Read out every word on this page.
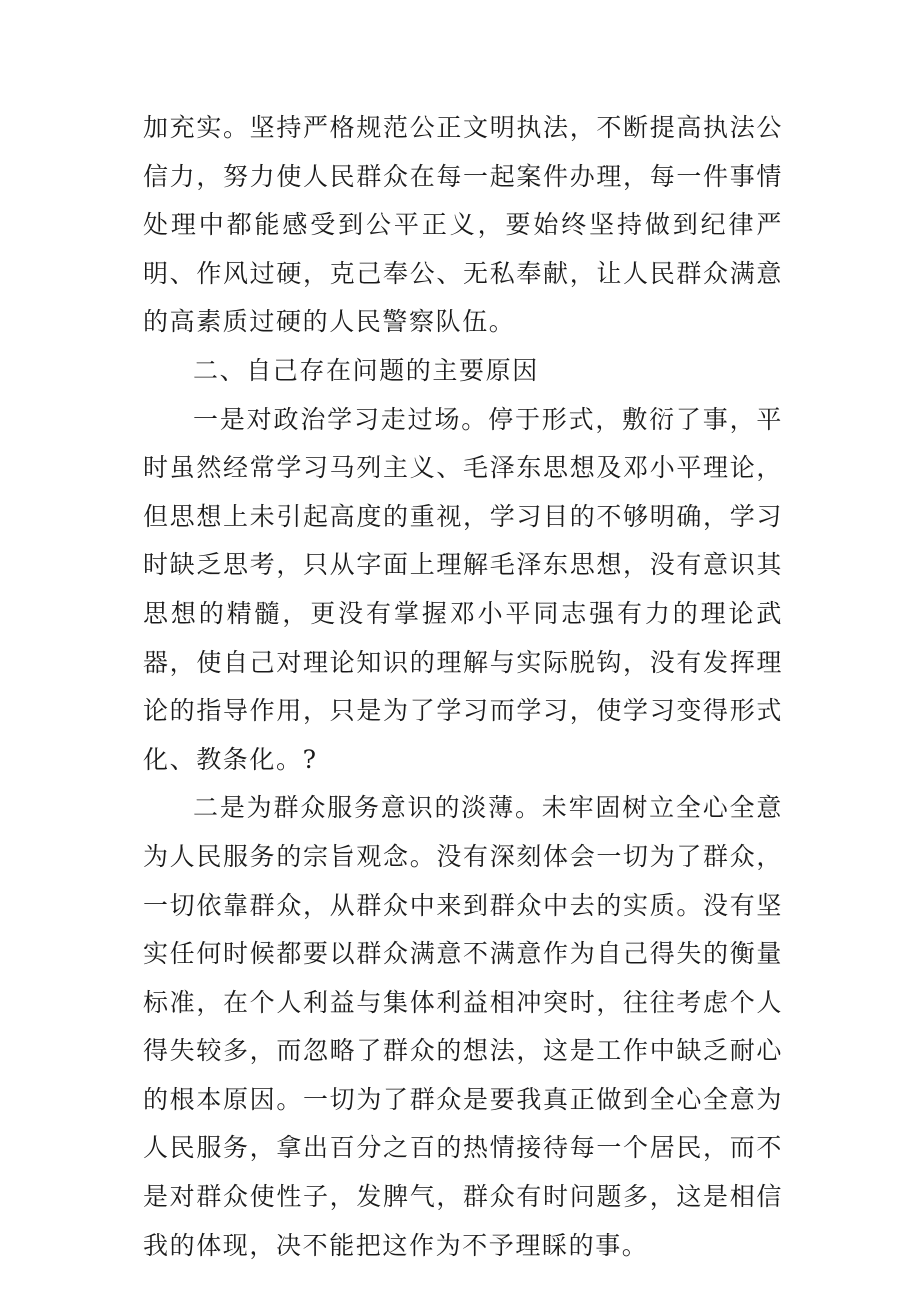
加充实。坚持严格规范公正文明执法，不断提高执法公信力，努力使人民群众在每一起案件办理，每一件事情处理中都能感受到公平正义，要始终坚持做到纪律严明、作风过硬，克己奉公、无私奉献，让人民群众满意的高素质过硬的人民警察队伍。

二、自己存在问题的主要原因

一是对政治学习走过场。停于形式，敷衍了事，平时虽然经常学习马列主义、毛泽东思想及邓小平理论，但思想上未引起高度的重视，学习目的不够明确，学习时缺乏思考，只从字面上理解毛泽东思想，没有意识其思想的精髓，更没有掌握邓小平同志强有力的理论武器，使自己对理论知识的理解与实际脱钩，没有发挥理论的指导作用，只是为了学习而学习，使学习变得形式化、教条化。?

二是为群众服务意识的淡薄。未牢固树立全心全意为人民服务的宗旨观念。没有深刻体会一切为了群众，一切依靠群众，从群众中来到群众中去的实质。没有坚实任何时候都要以群众满意不满意作为自己得失的衡量标准，在个人利益与集体利益相冲突时，往往考虑个人得失较多，而忽略了群众的想法，这是工作中缺乏耐心的根本原因。一切为了群众是要我真正做到全心全意为人民服务，拿出百分之百的热情接待每一个居民，而不是对群众使性子，发脾气，群众有时问题多，这是相信我的体现，决不能把这作为不予理睬的事。
